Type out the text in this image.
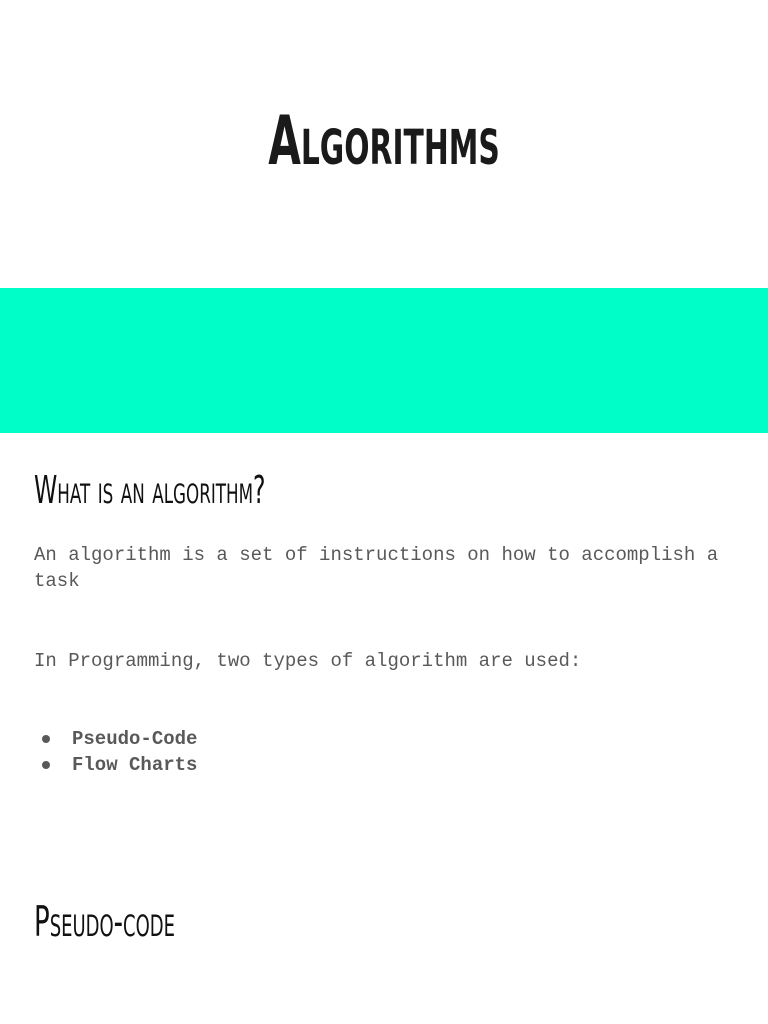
Algorithms
What is an algorithm?

An algorithm is a set of instructions on how to accomplish a task

In Programming, two types of algorithm are used:

Pseudo-Code
Flow Charts
Pseudo-code
